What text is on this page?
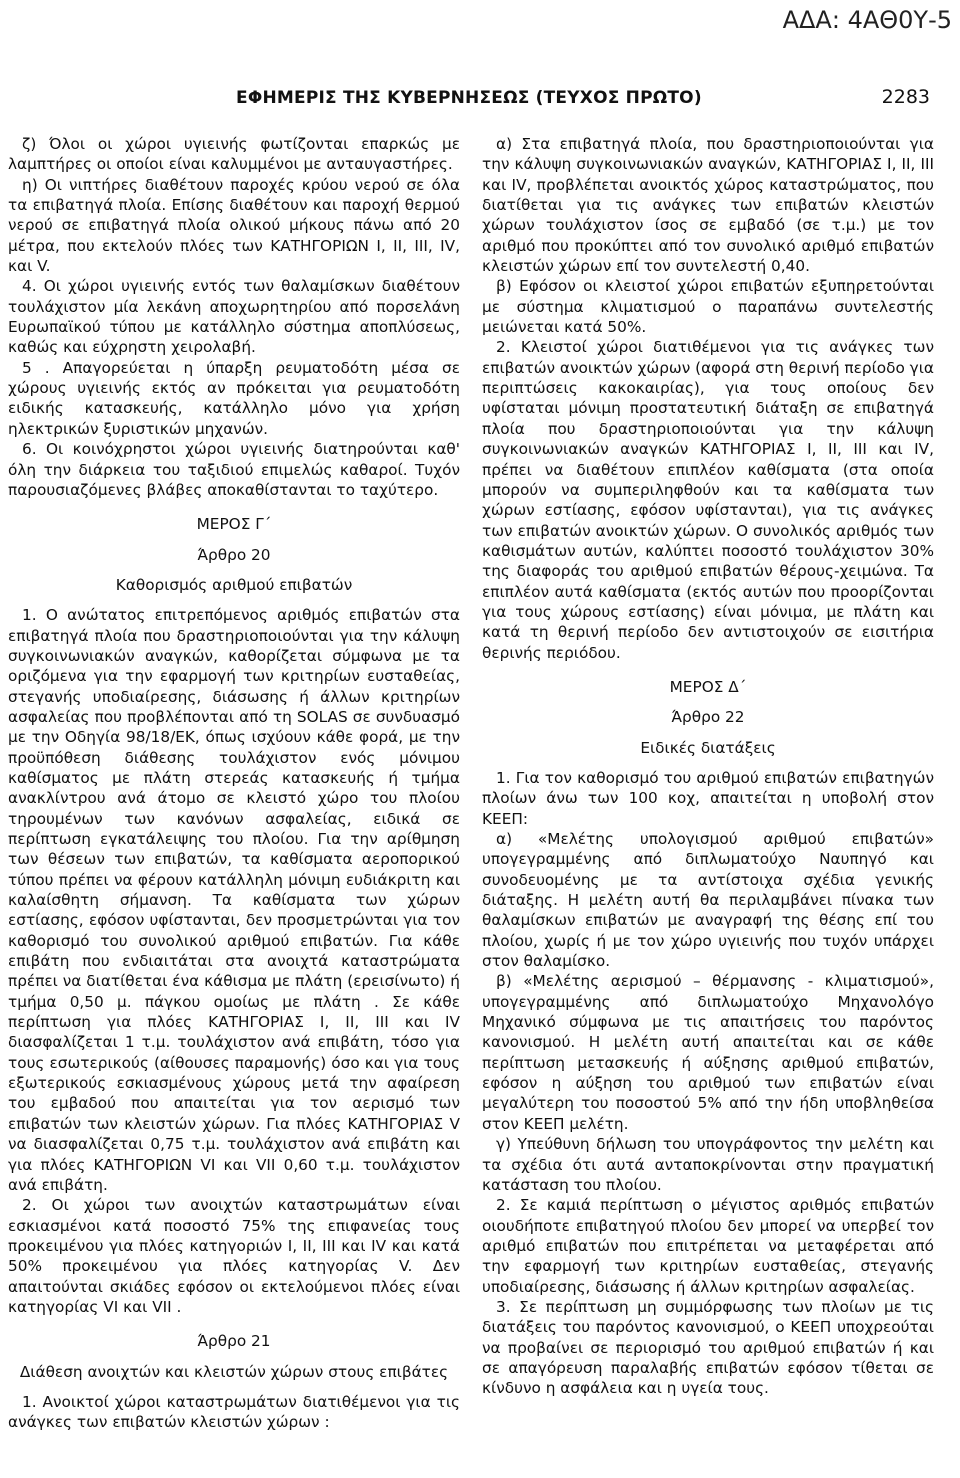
ΑΔΑ: 4ΑΘ0Υ-5
ΕΦΗΜΕΡΙΣ ΤΗΣ ΚΥΒΕΡΝΗΣΕΩΣ (ΤΕΥΧΟΣ ΠΡΩΤΟ)	2283

ζ) Όλοι οι χώροι υγιεινής φωτίζονται επαρκώς με λαμπτήρες οι οποίοι είναι καλυμμένοι με ανταυγαστήρες.

η) Οι νιπτήρες διαθέτουν παροχές κρύου νερού σε όλα τα επιβατηγά πλοία. Επίσης διαθέτουν και παροχή θερμού νερού σε επιβατηγά πλοία ολικού μήκους πάνω από 20 μέτρα, που εκτελούν πλόες των ΚΑΤΗΓΟΡΙΩΝ I, II, III, IV, και V.

4. Οι χώροι υγιεινής εντός των θαλαμίσκων διαθέτουν τουλάχιστον μία λεκάνη αποχωρητηρίου από πορσελάνη Ευρωπαϊκού τύπου με κατάλληλο σύστημα αποπλύσεως, καθώς και εύχρηστη χειρολαβή.

5 . Απαγορεύεται η ύπαρξη ρευματοδότη μέσα σε χώρους υγιεινής εκτός αν πρόκειται για ρευματοδότη ειδικής κατασκευής, κατάλληλο μόνο για χρήση ηλεκτρικών ξυριστικών μηχανών.

6. Οι κοινόχρηστοι χώροι υγιεινής διατηρούνται καθ' όλη την διάρκεια του ταξιδιού επιμελώς καθαροί. Τυχόν παρουσιαζόμενες βλάβες αποκαθίστανται το ταχύτερο.

ΜΕΡΟΣ Γ΄

Άρθρο 20

Καθορισμός αριθμού επιβατών

1. Ο ανώτατος επιτρεπόμενος αριθμός επιβατών στα επιβατηγά πλοία που δραστηριοποιούνται για την κάλυψη συγκοινωνιακών αναγκών, καθορίζεται σύμφωνα με τα οριζόμενα για την εφαρμογή των κριτηρίων ευσταθείας, στεγανής υποδιαίρεσης, διάσωσης ή άλλων κριτηρίων ασφαλείας που προβλέπονται από τη SOLAS σε συνδυασμό με την Οδηγία 98/18/ΕΚ, όπως ισχύουν κάθε φορά, με την προϋπόθεση διάθεσης τουλάχιστον ενός μόνιμου καθίσματος με πλάτη στερεάς κατασκευής ή τμήμα ανακλίντρου ανά άτομο σε κλειστό χώρο του πλοίου τηρουμένων των κανόνων ασφαλείας, ειδικά σε περίπτωση εγκατάλειψης του πλοίου. Για την αρίθμηση των θέσεων των επιβατών, τα καθίσματα αεροπορικού τύπου πρέπει να φέρουν κατάλληλη μόνιμη ευδιάκριτη και καλαίσθητη σήμανση. Τα καθίσματα των χώρων εστίασης, εφόσον υφίστανται, δεν προσμετρώνται για τον καθορισμό του συνολικού αριθμού επιβατών. Για κάθε επιβάτη που ενδιαιτάται στα ανοιχτά καταστρώματα πρέπει να διατίθεται ένα κάθισμα με πλάτη (ερεισίνωτο) ή τμήμα 0,50 μ. πάγκου ομοίως με πλάτη . Σε κάθε περίπτωση για πλόες ΚΑΤΗΓΟΡΙΑΣ I, II, III και IV διασφαλίζεται 1 τ.μ. τουλάχιστον ανά επιβάτη, τόσο για τους εσωτερικούς (αίθουσες παραμονής) όσο και για τους εξωτερικούς εσκιασμένους χώρους μετά την αφαίρεση του εμβαδού που απαιτείται για τον αερισμό των επιβατών των κλειστών χώρων. Για πλόες ΚΑΤΗΓΟΡΙΑΣ V να διασφαλίζεται 0,75 τ.μ. τουλάχιστον ανά επιβάτη και για πλόες ΚΑΤΗΓΟΡΙΩΝ VI και VII 0,60 τ.μ. τουλάχιστον ανά επιβάτη.

2. Οι χώροι των ανοιχτών καταστρωμάτων είναι εσκιασμένοι κατά ποσοστό 75% της επιφανείας τους προκειμένου για πλόες κατηγοριών I, II, III και IV και κατά 50% προκειμένου για πλόες κατηγορίας V. Δεν απαιτούνται σκιάδες εφόσον οι εκτελούμενοι πλόες είναι κατηγορίας VI και VII .

Άρθρο 21

Διάθεση ανοιχτών και κλειστών χώρων στους επιβάτες

1. Ανοικτοί χώροι καταστρωμάτων διατιθέμενοι για τις ανάγκες των επιβατών κλειστών χώρων :

α) Στα επιβατηγά πλοία, που δραστηριοποιούνται για την κάλυψη συγκοινωνιακών αναγκών, ΚΑΤΗΓΟΡΙΑΣ I, II, III και IV, προβλέπεται ανοικτός χώρος καταστρώματος, που διατίθεται για τις ανάγκες των επιβατών κλειστών χώρων τουλάχιστον ίσος σε εμβαδό (σε τ.μ.) με τον αριθμό που προκύπτει από τον συνολικό αριθμό επιβατών κλειστών χώρων επί τον συντελεστή 0,40.

β) Εφόσον οι κλειστοί χώροι επιβατών εξυπηρετούνται με σύστημα κλιματισμού ο παραπάνω συντελεστής μειώνεται κατά 50%.

2. Κλειστοί χώροι διατιθέμενοι για τις ανάγκες των επιβατών ανοικτών χώρων (αφορά στη θερινή περίοδο για περιπτώσεις κακοκαιρίας), για τους οποίους δεν υφίσταται μόνιμη προστατευτική διάταξη σε επιβατηγά πλοία που δραστηριοποιούνται για την κάλυψη συγκοινωνιακών αναγκών ΚΑΤΗΓΟΡΙΑΣ I, II, III και IV, πρέπει να διαθέτουν επιπλέον καθίσματα (στα οποία μπορούν να συμπεριληφθούν και τα καθίσματα των χώρων εστίασης, εφόσον υφίστανται), για τις ανάγκες των επιβατών ανοικτών χώρων. Ο συνολικός αριθμός των καθισμάτων αυτών, καλύπτει ποσοστό τουλάχιστον 30% της διαφοράς του αριθμού επιβατών θέρους-χειμώνα. Τα επιπλέον αυτά καθίσματα (εκτός αυτών που προορίζονται για τους χώρους εστίασης) είναι μόνιμα, με πλάτη και κατά τη θερινή περίοδο δεν αντιστοιχούν σε εισιτήρια θερινής περιόδου.

ΜΕΡΟΣ Δ΄

Άρθρο 22

Ειδικές διατάξεις

1. Για τον καθορισμό του αριθμού επιβατών επιβατηγών πλοίων άνω των 100 κοχ, απαιτείται η υποβολή στον ΚΕΕΠ:

α) «Μελέτης υπολογισμού αριθμού επιβατών» υπογεγραμμένης από διπλωματούχο Ναυπηγό και συνοδευομένης με τα αντίστοιχα σχέδια γενικής διάταξης. Η μελέτη αυτή θα περιλαμβάνει πίνακα των θαλαμίσκων επιβατών με αναγραφή της θέσης επί του πλοίου, χωρίς ή με τον χώρο υγιεινής που τυχόν υπάρχει στον θαλαμίσκο.

β) «Μελέτης αερισμού – θέρμανσης - κλιματισμού», υπογεγραμμένης από διπλωματούχο Μηχανολόγο Μηχανικό σύμφωνα με τις απαιτήσεις του παρόντος κανονισμού. Η μελέτη αυτή απαιτείται και σε κάθε περίπτωση μετασκευής ή αύξησης αριθμού επιβατών, εφόσον η αύξηση του αριθμού των επιβατών είναι μεγαλύτερη του ποσοστού 5% από την ήδη υποβληθείσα στον ΚΕΕΠ μελέτη.

γ) Υπεύθυνη δήλωση του υπογράφοντος την μελέτη και τα σχέδια ότι αυτά ανταποκρίνονται στην πραγματική κατάσταση του πλοίου.

2. Σε καμιά περίπτωση ο μέγιστος αριθμός επιβατών οιουδήποτε επιβατηγού πλοίου δεν μπορεί να υπερβεί τον αριθμό επιβατών που επιτρέπεται να μεταφέρεται από την εφαρμογή των κριτηρίων ευσταθείας, στεγανής υποδιαίρεσης, διάσωσης ή άλλων κριτηρίων ασφαλείας.

3. Σε περίπτωση μη συμμόρφωσης των πλοίων με τις διατάξεις του παρόντος κανονισμού, ο ΚΕΕΠ υποχρεούται να προβαίνει σε περιορισμό του αριθμού επιβατών ή και σε απαγόρευση παραλαβής επιβατών εφόσον τίθεται σε κίνδυνο η ασφάλεια και η υγεία τους.
